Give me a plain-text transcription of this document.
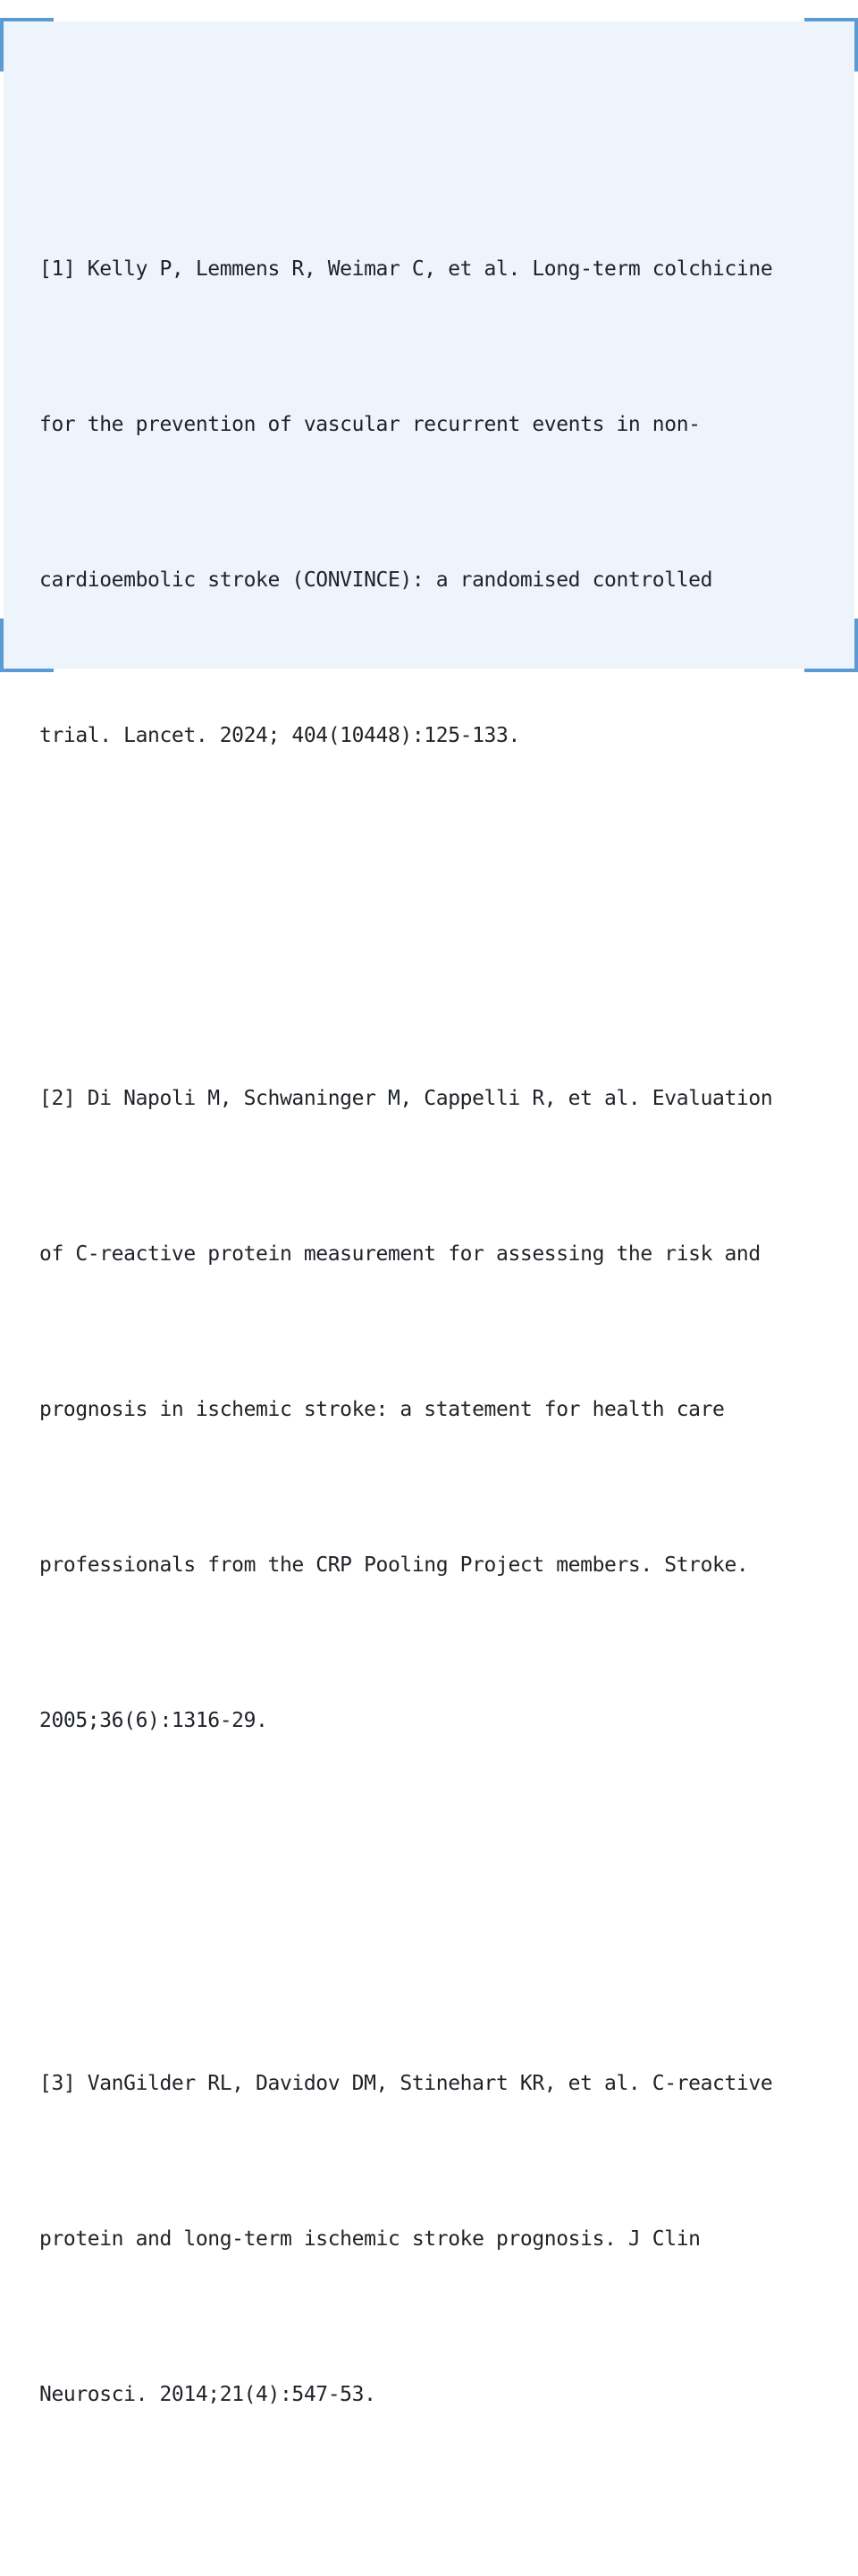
[1] Kelly P, Lemmens R, Weimar C, et al. Long-term colchicine

for the prevention of vascular recurrent events in non-

cardioembolic stroke (CONVINCE): a randomised controlled

trial. Lancet. 2024; 404(10448):125-133.

[2] Di Napoli M, Schwaninger M, Cappelli R, et al. Evaluation

of C-reactive protein measurement for assessing the risk and

prognosis in ischemic stroke: a statement for health care

professionals from the CRP Pooling Project members. Stroke.

2005;36(6):1316-29.

[3] VanGilder RL, Davidov DM, Stinehart KR, et al. C-reactive

protein and long-term ischemic stroke prognosis. J Clin

Neurosci. 2014;21(4):547-53.
